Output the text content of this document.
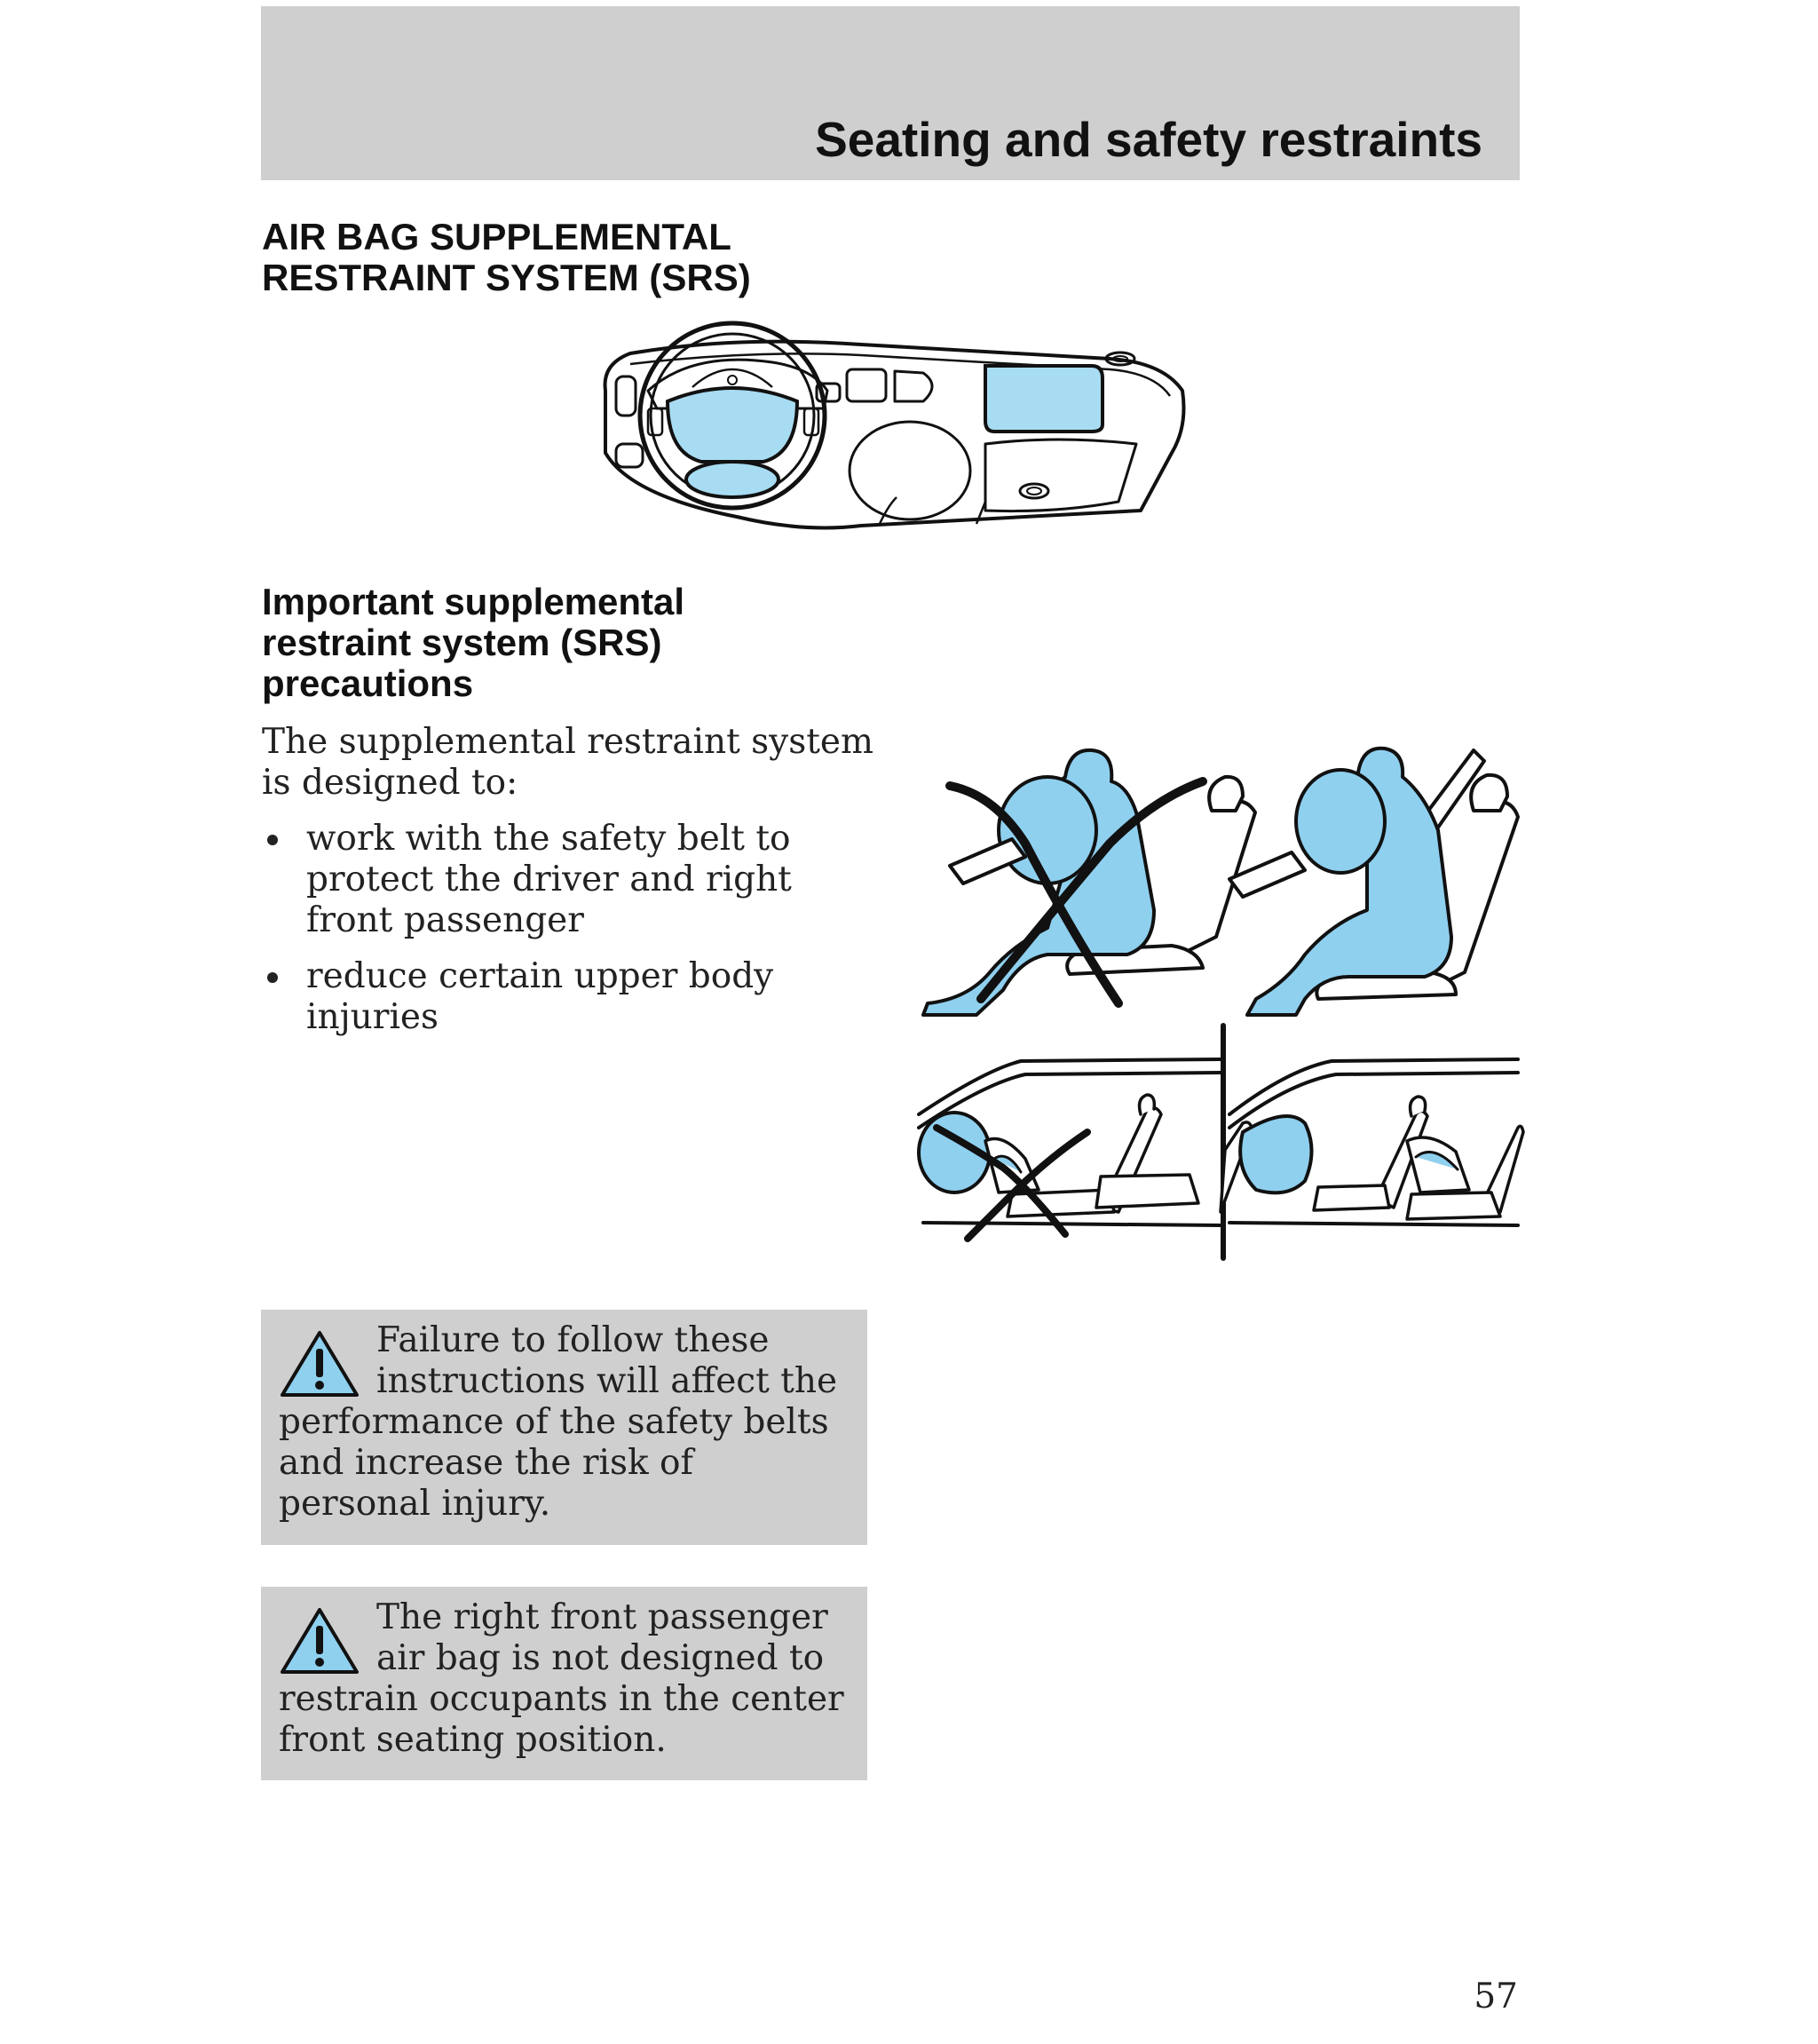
Seating and safety restraints
AIR BAG SUPPLEMENTAL RESTRAINT SYSTEM (SRS)
Important supplemental restraint system (SRS) precautions

The supplemental restraint system is designed to:

work with the safety belt to protect the driver and right front passenger
reduce certain upper body injuries

Failure to follow these instructions will affect the performance of the safety belts and increase the risk of personal injury.

The right front passenger air bag is not designed to restrain occupants in the center front seating position.

57
